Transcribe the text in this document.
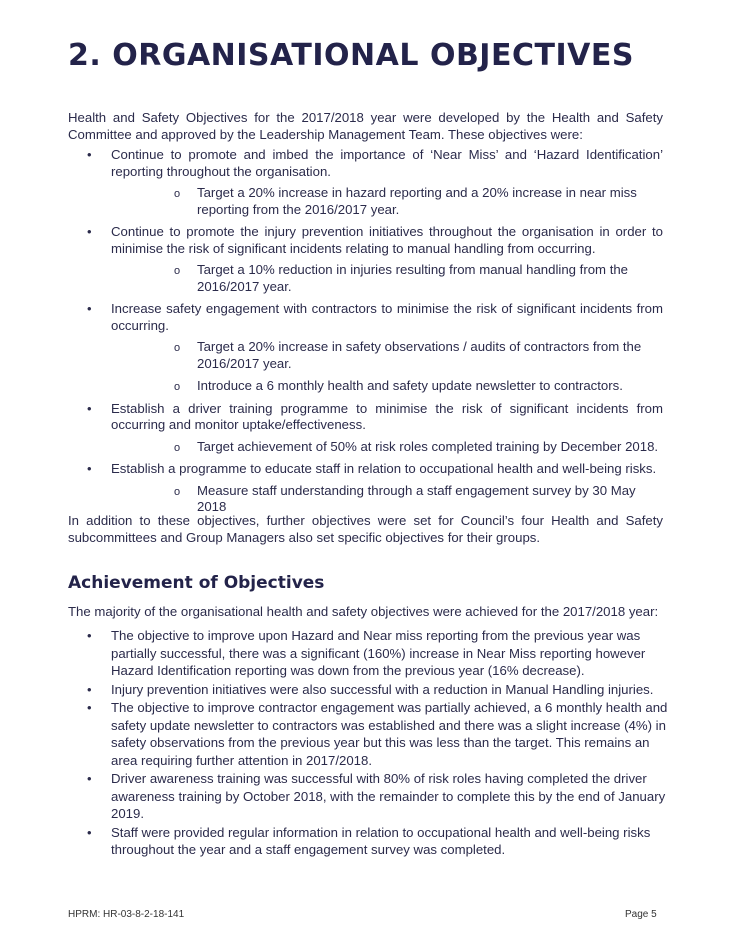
2. ORGANISATIONAL OBJECTIVES

Health and Safety Objectives for the 2017/2018 year were developed by the Health and Safety Committee and approved by the Leadership Management Team. These objectives were:

• Continue to promote and imbed the importance of ‘Near Miss’ and ‘Hazard Identification’ reporting throughout the organisation.
o Target a 20% increase in hazard reporting and a 20% increase in near miss reporting from the 2016/2017 year.
• Continue to promote the injury prevention initiatives throughout the organisation in order to minimise the risk of significant incidents relating to manual handling from occurring.
o Target a 10% reduction in injuries resulting from manual handling from the 2016/2017 year.
• Increase safety engagement with contractors to minimise the risk of significant incidents from occurring.
o Target a 20% increase in safety observations / audits of contractors from the 2016/2017 year.
o Introduce a 6 monthly health and safety update newsletter to contractors.
• Establish a driver training programme to minimise the risk of significant incidents from occurring and monitor uptake/effectiveness.
o Target achievement of 50% at risk roles completed training by December 2018.
• Establish a programme to educate staff in relation to occupational health and well-being risks.
o Measure staff understanding through a staff engagement survey by 30 May 2018

In addition to these objectives, further objectives were set for Council’s four Health and Safety subcommittees and Group Managers also set specific objectives for their groups.

Achievement of Objectives

The majority of the organisational health and safety objectives were achieved for the 2017/2018 year:

• The objective to improve upon Hazard and Near miss reporting from the previous year was partially successful, there was a significant (160%) increase in Near Miss reporting however Hazard Identification reporting was down from the previous year (16% decrease).
• Injury prevention initiatives were also successful with a reduction in Manual Handling injuries.
• The objective to improve contractor engagement was partially achieved, a 6 monthly health and safety update newsletter to contractors was established and there was a slight increase (4%) in safety observations from the previous year but this was less than the target. This remains an area requiring further attention in 2017/2018.
• Driver awareness training was successful with 80% of risk roles having completed the driver awareness training by October 2018, with the remainder to complete this by the end of January 2019.
• Staff were provided regular information in relation to occupational health and well-being risks throughout the year and a staff engagement survey was completed.
HPRM: HR-03-8-2-18-141	Page 5
